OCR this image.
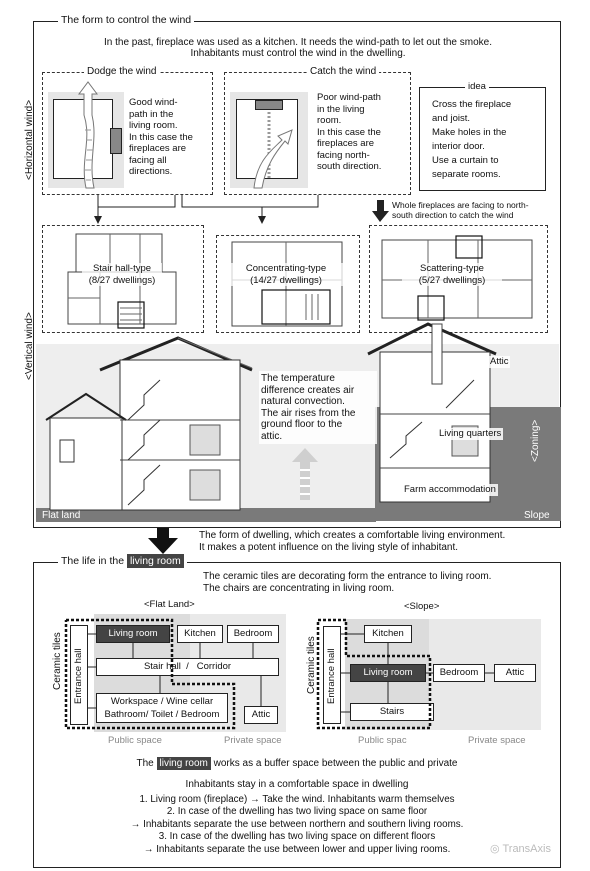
The form to control the wind
In the past, fireplace was used as a kitchen. It needs the wind-path to let out the smoke.
Inhabitants must control the wind in the dwelling.
<Horizontal wind>
<Vertical wind>
Dodge the wind
Good wind-
path in the
living room.
In this case the
fireplaces are
facing all
directions.
Catch the wind
Poor wind-path
in the living
room.
In this case the
fireplaces are
facing north-
south direction.
idea
Cross the fireplace
and joist.
Make holes in the
interior door.
Use a curtain to
separate rooms.
Whole fireplaces are facing to north-
south direction to catch the wind
Stair hall-type
(8/27 dwellings)
Concentrating-type
(14/27 dwellings)
Scattering-type
(5/27 dwellings)
Flat land	Slope
<Zoning>
The temperature
difference creates air
natural convection.
The air rises from the
ground floor to the
attic.
Attic
Living quarters
Farm accommodation
The form of dwelling, which creates a comfortable living environment.
It makes a potent influence on the living style of inhabitant.
The life in the living room
The ceramic tiles are decorating form the entrance to living room.
The chairs are concentrating in living room.
<Flat Land>
Ceramic tiles Entrance hall
Living room	Kitchen	Bedroom
Stair hall  /   Corridor
Workspace / Wine cellar
Bathroom/ Toilet / Bedroom	Attic
Public space	Private space
<Slope>
Ceramic tiles Entrance hall
Kitchen
Living room	Bedroom	Attic
Stairs
Public spac	Private space
The living room works as a buffer space between the public and private
Inhabitants stay in a comfortable space in dwelling
1. Living room (fireplace) → Take the wind. Inhabitants warm themselves
2. In case of the dwelling has two living space on same floor
→ Inhabitants separate the use between northern and southern living rooms.
3. In case of the dwelling has two living space on different floors
→ Inhabitants separate the use between lower and upper living rooms.	◎ TransAxis
